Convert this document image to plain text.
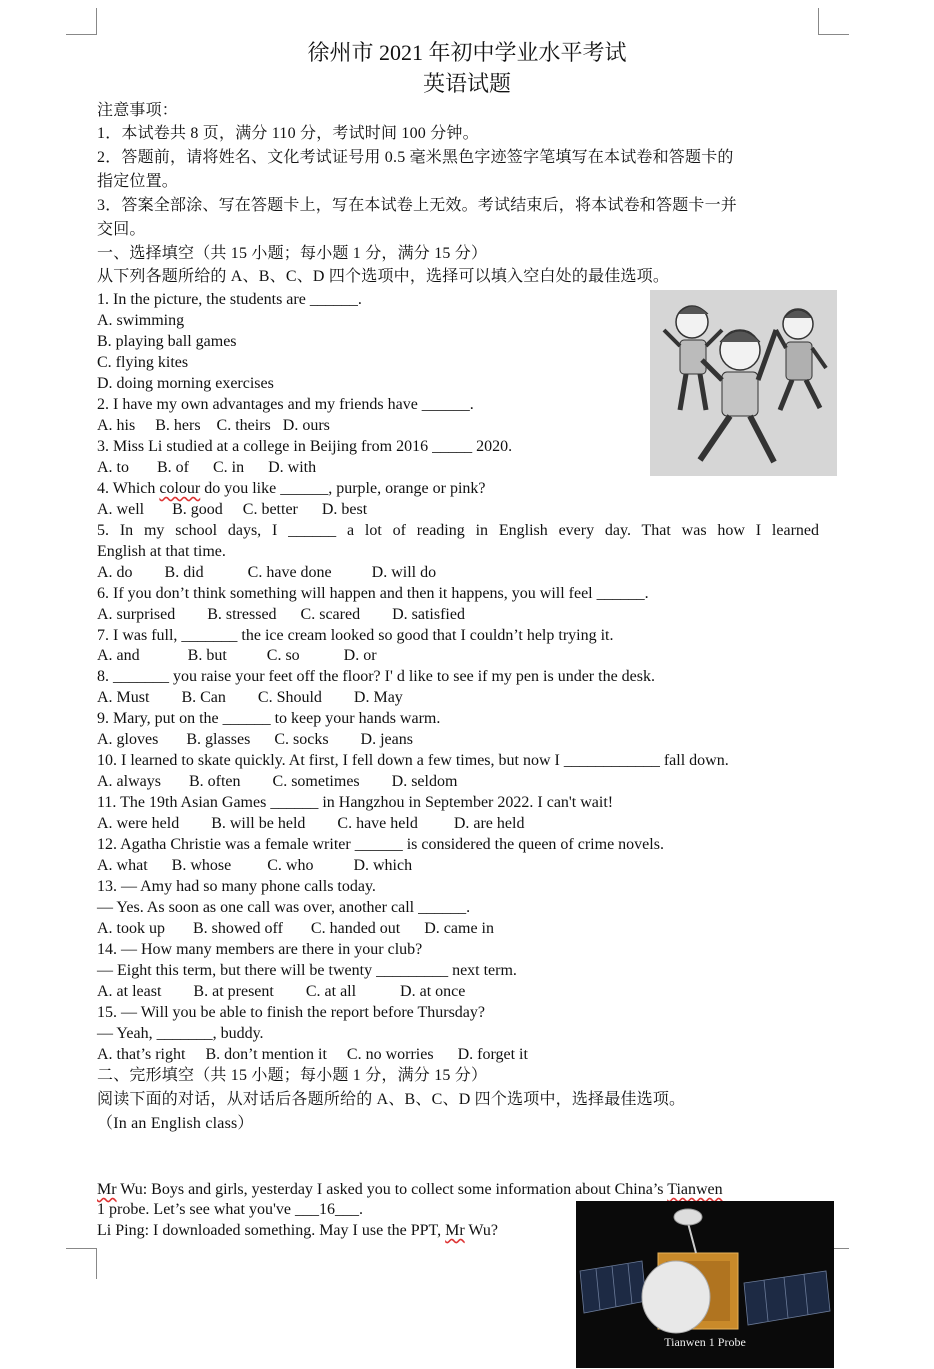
徐州市 2021 年初中学业水平考试
英语试题
注意事项：
1．本试卷共 8 页，满分 110 分，考试时间 100 分钟。
2．答题前，请将姓名、文化考试证号用 0.5 毫米黑色字迹签字笔填写在本试卷和答题卡的
指定位置。
3．答案全部涂、写在答题卡上，写在本试卷上无效。考试结束后，将本试卷和答题卡一并
交回。
一、选择填空（共 15 小题；每小题 1 分，满分 15 分）
从下列各题所给的 A、B、C、D 四个选项中，选择可以填入空白处的最佳选项。
1. In the picture, the students are ______.
A. swimming
B. playing ball games
C. flying kites
D. doing morning exercises
2. I have my own advantages and my friends have ______.
A. his     B. hers    C. theirs   D. ours
3. Miss Li studied at a college in Beijing from 2016 _____ 2020.
A. to       B. of      C. in      D. with
4. Which colour do you like ______, purple, orange or pink?
A. well       B. good     C. better      D. best
5. In my school days, I ______ a lot of reading in English every day. That was how I learned
English at that time.
A. do        B. did           C. have done          D. will do
6. If you don’t think something will happen and then it happens, you will feel ______.
A. surprised        B. stressed      C. scared        D. satisfied
7. I was full, _______ the ice cream looked so good that I couldn’t help trying it.
A. and            B. but          C. so           D. or
8. _______ you raise your feet off the floor? I' d like to see if my pen is under the desk.
A. Must        B. Can        C. Should        D. May
9. Mary, put on the ______ to keep your hands warm.
A. gloves       B. glasses      C. socks        D. jeans
10. I learned to skate quickly. At first, I fell down a few times, but now I ____________ fall down.
A. always       B. often        C. sometimes        D. seldom
11. The 19th Asian Games ______ in Hangzhou in September 2022. I can't wait!
A. were held        B. will be held        C. have held         D. are held
12. Agatha Christie was a female writer ______ is considered the queen of crime novels.
A. what      B. whose         C. who          D. which
13. — Amy had so many phone calls today.
— Yes. As soon as one call was over, another call ______.
A. took up       B. showed off       C. handed out      D. came in
14. — How many members are there in your club?
— Eight this term, but there will be twenty _________ next term.
A. at least        B. at present        C. at all           D. at once
15. — Will you be able to finish the report before Thursday?
— Yeah, _______, buddy.
A. that’s right     B. don’t mention it     C. no worries      D. forget it
二、完形填空（共 15 小题；每小题 1 分，满分 15 分）
阅读下面的对话，从对话后各题所给的 A、B、C、D 四个选项中，选择最佳选项。
（In an English class）
Mr Wu: Boys and girls, yesterday I asked you to collect some information about China’s Tianwen
1 probe. Let’s see what you've ___16___.
Li Ping: I downloaded something. May I use the PPT, Mr Wu?
Tianwen 1 Probe
